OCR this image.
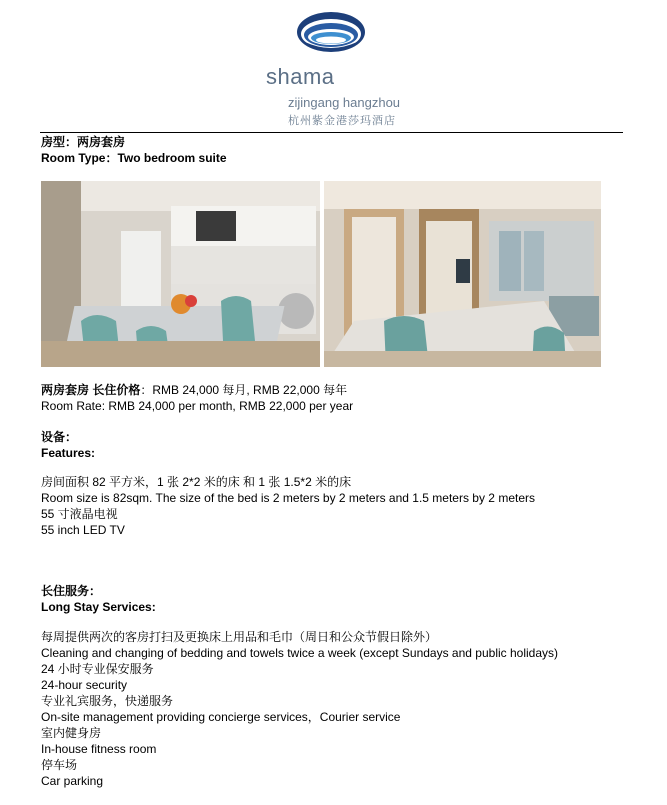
shama
zijingang hangzhou
杭州紫金港莎玛酒店
房型：两房套房
Room Type：Two bedroom suite
两房套房 长住价格：RMB 24,000 每月, RMB 22,000 每年
Room Rate: RMB 24,000 per month, RMB 22,000 per year
设备：
Features:
房间面积 82 平方米，1 张 2*2 米的床 和 1 张 1.5*2 米的床
Room size is 82sqm. The size of the bed is 2 meters by 2 meters and 1.5 meters by 2 meters
55 寸液晶电视
55 inch LED TV
长住服务：
Long Stay Services:
每周提供两次的客房打扫及更换床上用品和毛巾（周日和公众节假日除外）
Cleaning and changing of bedding and towels twice a week (except Sundays and public holidays)
24 小时专业保安服务
24-hour security
专业礼宾服务，快递服务
On-site management providing concierge services，Courier service
室内健身房
In-house fitness room
停车场
Car parking
